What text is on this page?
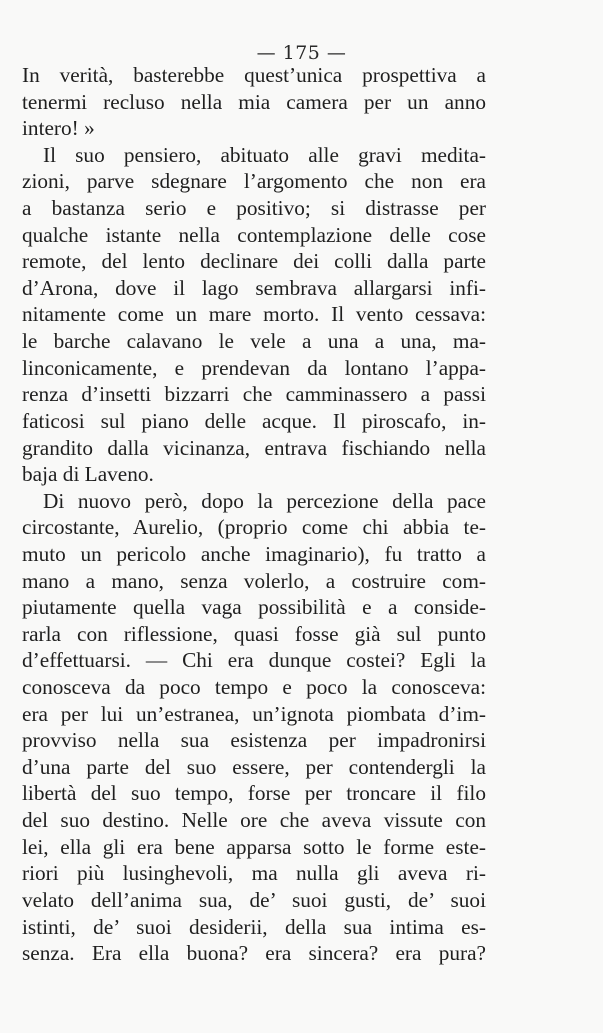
— 175 —
In verità, basterebbe quest’unica prospettiva a
tenermi recluso nella mia camera per un anno
intero! »
Il suo pensiero, abituato alle gravi medita-
zioni, parve sdegnare l’argomento che non era
a bastanza serio e positivo; si distrasse per
qualche istante nella contemplazione delle cose
remote, del lento declinare dei colli dalla parte
d’Arona, dove il lago sembrava allargarsi infi-
nitamente come un mare morto. Il vento cessava:
le barche calavano le vele a una a una, ma-
linconicamente, e prendevan da lontano l’appa-
renza d’insetti bizzarri che camminassero a passi
faticosi sul piano delle acque. Il piroscafo, in-
grandito dalla vicinanza, entrava fischiando nella
baja di Laveno.
Di nuovo però, dopo la percezione della pace
circostante, Aurelio, (proprio come chi abbia te-
muto un pericolo anche imaginario), fu tratto a
mano a mano, senza volerlo, a costruire com-
piutamente quella vaga possibilità e a conside-
rarla con riflessione, quasi fosse già sul punto
d’effettuarsi. — Chi era dunque costei? Egli la
conosceva da poco tempo e poco la conosceva:
era per lui un’estranea, un’ignota piombata d’im-
provviso nella sua esistenza per impadronirsi
d’una parte del suo essere, per contendergli la
libertà del suo tempo, forse per troncare il filo
del suo destino. Nelle ore che aveva vissute con
lei, ella gli era bene apparsa sotto le forme este-
riori più lusinghevoli, ma nulla gli aveva ri-
velato dell’anima sua, de’ suoi gusti, de’ suoi
istinti, de’ suoi desiderii, della sua intima es-
senza. Era ella buona? era sincera? era pura?
